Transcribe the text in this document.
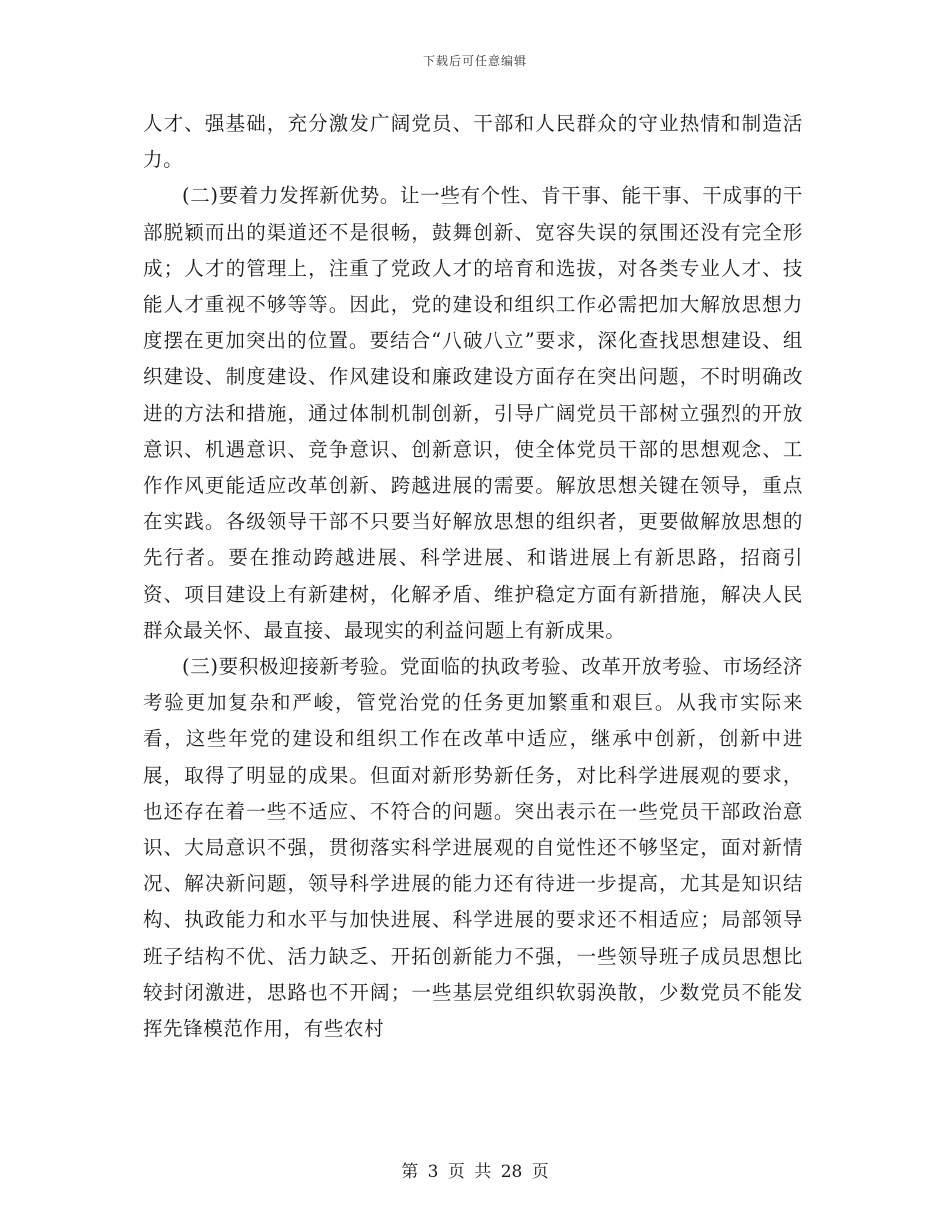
下载后可任意编辑

人才、强基础，充分激发广阔党员、干部和人民群众的守业热情和制造活力。

(二)要着力发挥新优势。让一些有个性、肯干事、能干事、干成事的干部脱颖而出的渠道还不是很畅，鼓舞创新、宽容失误的氛围还没有完全形成；人才的管理上，注重了党政人才的培育和选拔，对各类专业人才、技能人才重视不够等等。因此，党的建设和组织工作必需把加大解放思想力度摆在更加突出的位置。要结合“八破八立”要求，深化查找思想建设、组织建设、制度建设、作风建设和廉政建设方面存在突出问题，不时明确改进的方法和措施，通过体制机制创新，引导广阔党员干部树立强烈的开放意识、机遇意识、竞争意识、创新意识，使全体党员干部的思想观念、工作作风更能适应改革创新、跨越进展的需要。解放思想关键在领导，重点在实践。各级领导干部不只要当好解放思想的组织者，更要做解放思想的先行者。要在推动跨越进展、科学进展、和谐进展上有新思路，招商引资、项目建设上有新建树，化解矛盾、维护稳定方面有新措施，解决人民群众最关怀、最直接、最现实的利益问题上有新成果。

(三)要积极迎接新考验。党面临的执政考验、改革开放考验、市场经济考验更加复杂和严峻，管党治党的任务更加繁重和艰巨。从我市实际来看，这些年党的建设和组织工作在改革中适应，继承中创新，创新中进展，取得了明显的成果。但面对新形势新任务，对比科学进展观的要求，也还存在着一些不适应、不符合的问题。突出表示在一些党员干部政治意识、大局意识不强，贯彻落实科学进展观的自觉性还不够坚定，面对新情况、解决新问题，领导科学进展的能力还有待进一步提高，尤其是知识结构、执政能力和水平与加快进展、科学进展的要求还不相适应；局部领导班子结构不优、活力缺乏、开拓创新能力不强，一些领导班子成员思想比较封闭激进，思路也不开阔；一些基层党组织软弱涣散，少数党员不能发挥先锋模范作用，有些农村

第 3 页 共 28 页
